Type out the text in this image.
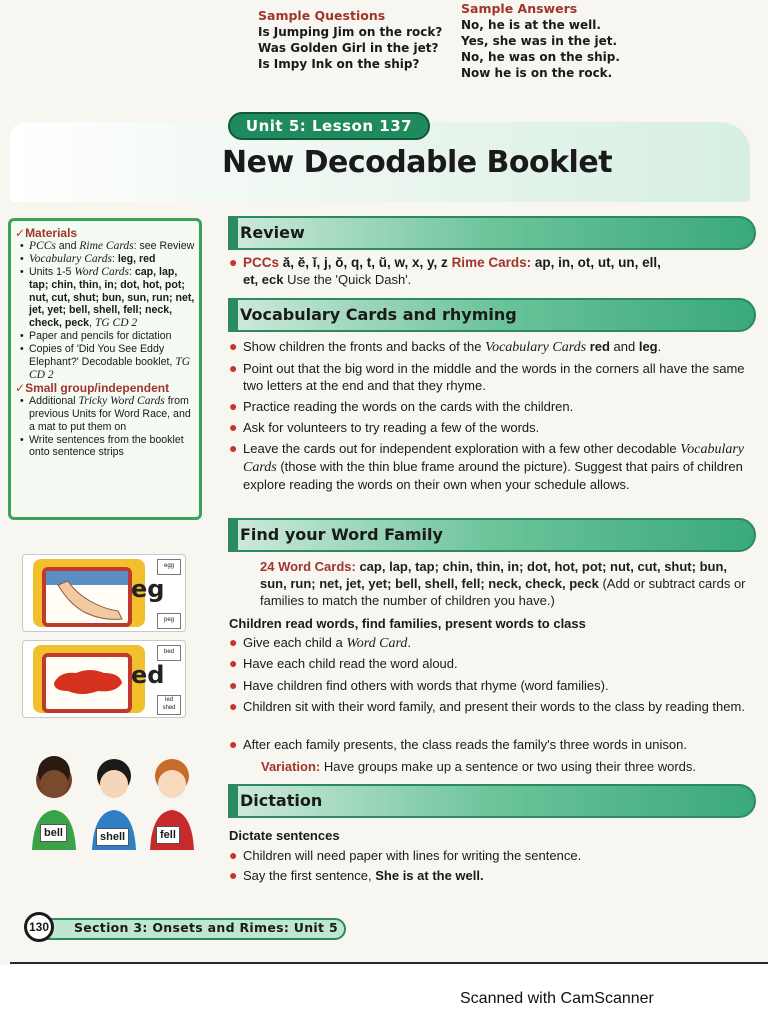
Scanned with CamScanner
Sample Questions
Is Jumping Jim on the rock?
Was Golden Girl in the jet?
Is Impy Ink on the ship?
Sample Answers
No, he is at the well.
Yes, she was in the jet.
No, he was on the ship.
Now he is on the rock.
Unit 5: Lesson 137
New Decodable Booklet
✓Materials
• PCCs and Rime Cards: see Review
• Vocabulary Cards: leg, red
• Units 1-5 Word Cards: cap, lap, tap; chin, thin, in; dot, hot, pot; nut, cut, shut; bun, sun, run; net, jet, yet; bell, shell, fell; neck, check, peck, TG CD 2
• Paper and pencils for dictation
• Copies of 'Did You See Eddy Elephant?' Decodable booklet, TG CD 2
✓Small group/independent
• Additional Tricky Word Cards from previous Units for Word Race, and a mat to put them on
• Write sentences from the booklet onto sentence strips
eg
egg
peg
ed
bed
led shed
bell	shell	fell
Review
● PCCs ă, ĕ, ĭ, j, ŏ, q, t, ŭ, w, x, y, z Rime Cards: ap, in, ot, ut, un, ell,
et, eck Use the 'Quick Dash'.
Vocabulary Cards and rhyming
● Show children the fronts and backs of the Vocabulary Cards red and leg.
● Point out that the big word in the middle and the words in the corners all have the same two letters at the end and that they rhyme.
● Practice reading the words on the cards with the children.
● Ask for volunteers to try reading a few of the words.
● Leave the cards out for independent exploration with a few other decodable Vocabulary Cards (those with the thin blue frame around the picture). Suggest that pairs of children explore reading the words on their own when your schedule allows.
Find your Word Family
24 Word Cards: cap, lap, tap; chin, thin, in; dot, hot, pot; nut, cut, shut; bun, sun, run; net, jet, yet; bell, shell, fell; neck, check, peck (Add or subtract cards or families to match the number of children you have.)
Children read words, find families, present words to class
● Give each child a Word Card.
● Have each child read the word aloud.
● Have children find others with words that rhyme (word families).
● Children sit with their word family, and present their words to the class by reading them.
● After each family presents, the class reads the family's three words in unison.
Variation: Have groups make up a sentence or two using their three words.
Dictation
Dictate sentences
● Children will need paper with lines for writing the sentence.
● Say the first sentence, She is at the well.
130	Section 3: Onsets and Rimes: Unit 5
